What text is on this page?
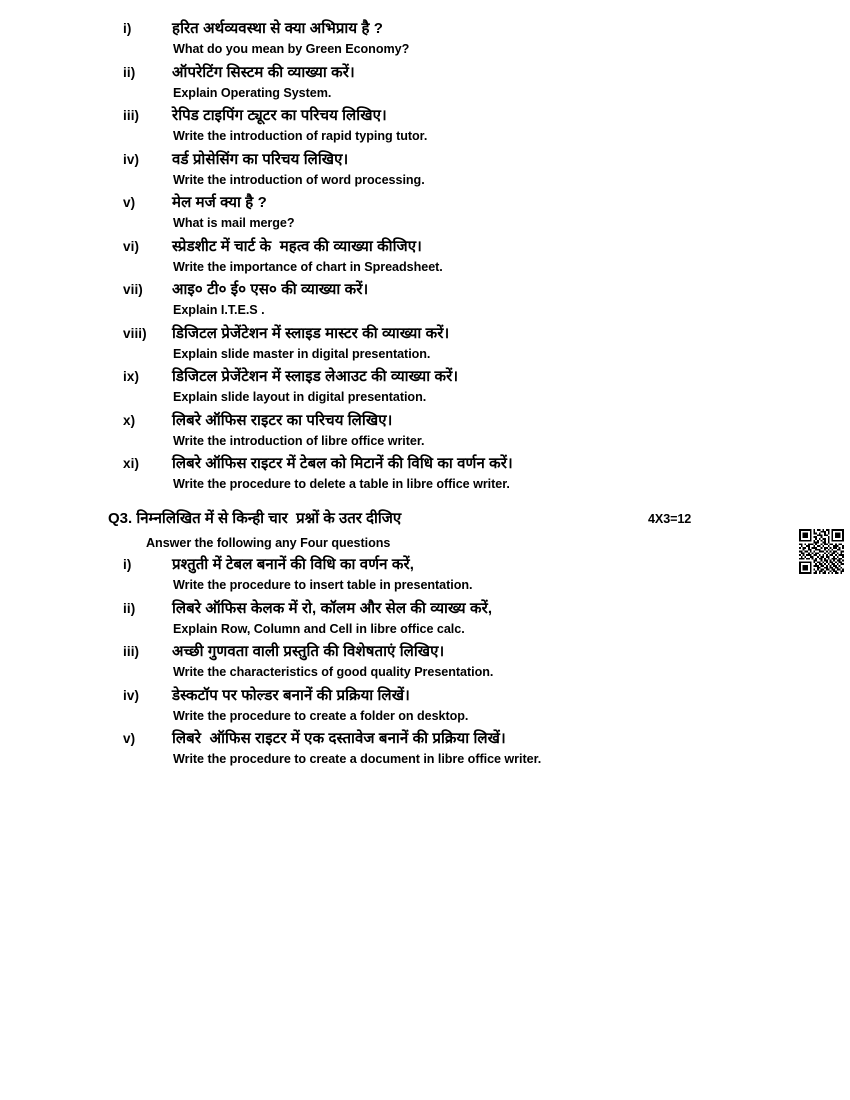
i)	हरित अर्थव्यवस्था से क्या अभिप्राय है ?
What do you mean by Green Economy?
ii) ऑपरेटिंग सिस्टम की व्याख्या करें।
Explain Operating System.
iii) रेपिड टाइपिंग ट्यूटर का परिचय लिखिए।
Write the introduction of rapid typing tutor.
iv) वर्ड प्रोसेसिंग का परिचय लिखिए।
Write the introduction of word processing.
v) मेल मर्ज क्या है ?
What is mail merge?
vi) स्प्रेडशीट में चार्ट के  महत्व की व्याख्या कीजिए।
Write the importance of chart in Spreadsheet.
vii) आइ० टी० ई० एस० की व्याख्या करें।
Explain I.T.E.S .
viii) डिजिटल प्रेजेंटेशन में स्लाइड मास्टर की व्याख्या करें।
Explain slide master in digital presentation.
ix) डिजिटल प्रेजेंटेशन में स्लाइड लेआउट की व्याख्या करें।
Explain slide layout in digital presentation.
x) लिबरे ऑफिस राइटर का परिचय लिखिए।
Write the introduction of libre office writer.
xi) लिबरे ऑफिस राइटर में टेबल को मिटानें की विधि का वर्णन करें।
Write the procedure to delete a table in libre office writer.
Q3. निम्नलिखित में से किन्ही चार  प्रश्नों के उतर दीजिए	4X3=12
Answer the following any Four questions
i)	प्रश्तुती में टेबल बनानें की विधि का वर्णन करें,
Write the procedure to insert table in presentation.
ii) लिबरे ऑफिस केलक में रो, कॉलम और सेल की व्याख्य करें,
Explain Row, Column and Cell in libre office calc.
iii) अच्छी गुणवता वाली प्रस्तुति की विशेषताएं लिखिए।
Write the characteristics of good quality Presentation.
iv) डेस्कटॉप पर फोल्डर बनानें की प्रक्रिया लिखें।
Write the procedure to create a folder on desktop.
v) लिबरे  ऑफिस राइटर में एक दस्तावेज बनानें की प्रक्रिया लिखें।
Write the procedure to create a document in libre office writer.
